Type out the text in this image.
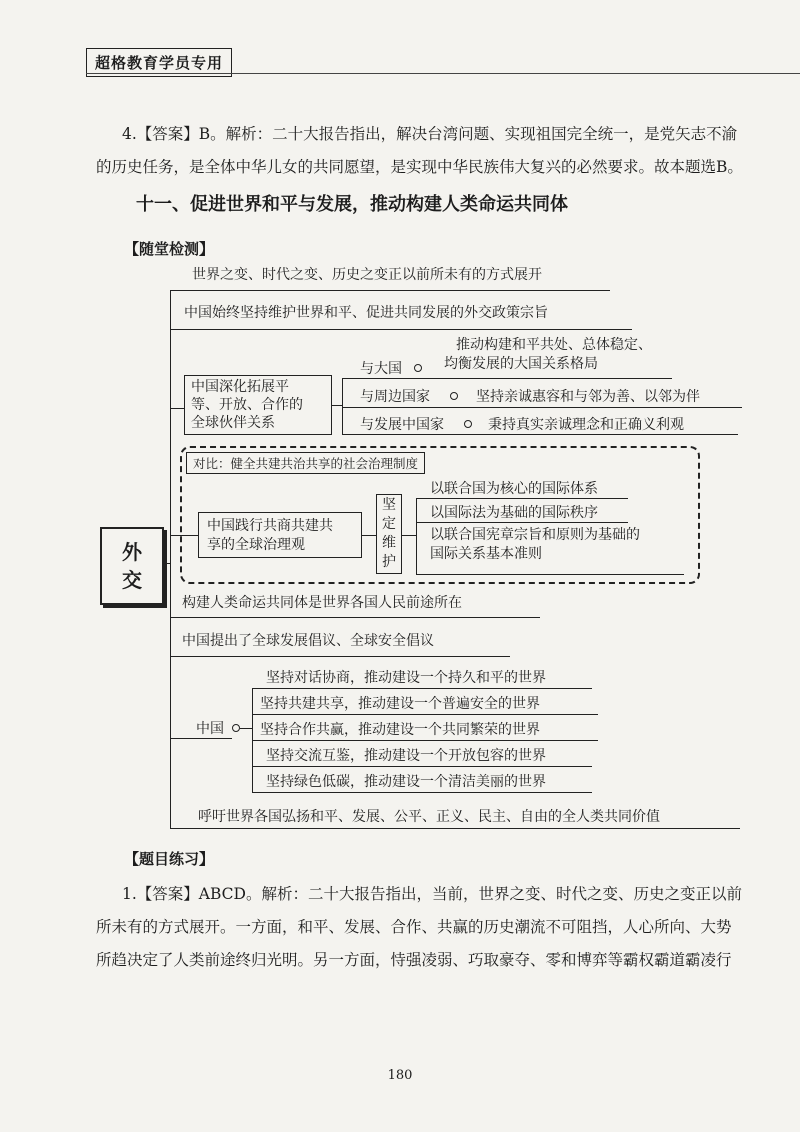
超格教育学员专用
4.【答案】B。解析：二十大报告指出，解决台湾问题、实现祖国完全统一，是党矢志不渝
的历史任务，是全体中华儿女的共同愿望，是实现中华民族伟大复兴的必然要求。故本题选B。
十一、促进世界和平与发展，推动构建人类命运共同体
【随堂检测】
外
交
世界之变、时代之变、历史之变正以前所未有的方式展开
中国始终坚持维护世界和平、促进共同发展的外交政策宗旨
中国深化拓展平
等、开放、合作的
全球伙伴关系
与大国
推动构建和平共处、总体稳定、
均衡发展的大国关系格局
与周边国家	坚持亲诚惠容和与邻为善、以邻为伴
与发展中国家	秉持真实亲诚理念和正确义利观
对比：健全共建共治共享的社会治理制度
中国践行共商共建共
享的全球治理观
坚
定
维
护
以联合国为核心的国际体系
以国际法为基础的国际秩序
以联合国宪章宗旨和原则为基础的
国际关系基本准则
构建人类命运共同体是世界各国人民前途所在
中国提出了全球发展倡议、全球安全倡议
中国
坚持对话协商，推动建设一个持久和平的世界
坚持共建共享，推动建设一个普遍安全的世界
坚持合作共赢，推动建设一个共同繁荣的世界
坚持交流互鉴，推动建设一个开放包容的世界
坚持绿色低碳，推动建设一个清洁美丽的世界
呼吁世界各国弘扬和平、发展、公平、正义、民主、自由的全人类共同价值
【题目练习】
1.【答案】ABCD。解析：二十大报告指出，当前，世界之变、时代之变、历史之变正以前
所未有的方式展开。一方面，和平、发展、合作、共赢的历史潮流不可阻挡，人心所向、大势
所趋决定了人类前途终归光明。另一方面，恃强凌弱、巧取豪夺、零和博弈等霸权霸道霸凌行
180
